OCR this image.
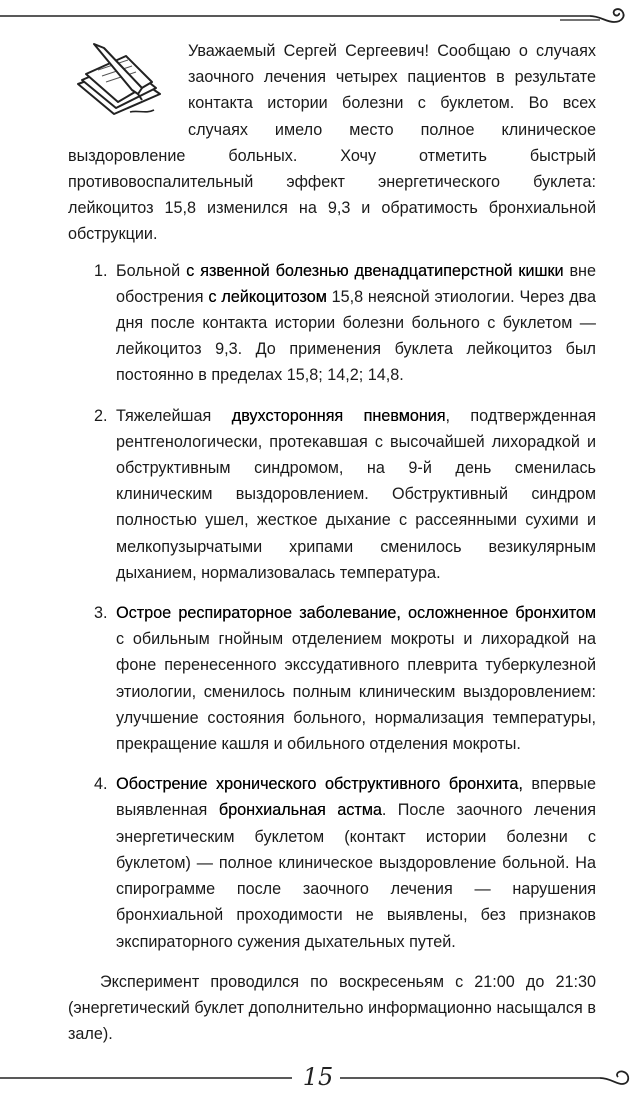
Уважаемый Сергей Сергеевич! Сообщаю о случаях заочного лечения четырех пациентов в результате контакта истории болезни с буклетом. Во всех случаях имело место полное клиническое выздоровление больных. Хочу отметить быстрый противовоспалительный эффект энергетического буклета: лейкоцитоз 15,8 изменился на 9,3 и обратимость бронхиальной обструкции.

1. Больной с язвенной болезнью двенадцатиперстной кишки вне обострения с лейкоцитозом 15,8 неясной этиологии. Через два дня после контакта истории болезни больного с буклетом — лейкоцитоз 9,3. До применения буклета лейкоцитоз был постоянно в пределах 15,8; 14,2; 14,8.
2. Тяжелейшая двухсторонняя пневмония, подтвержденная рентгенологически, протекавшая с высочайшей лихорадкой и обструктивным синдромом, на 9-й день сменилась клиническим выздоровлением. Обструктивный синдром полностью ушел, жесткое дыхание с рассеянными сухими и мелкопузырчатыми хрипами сменилось везикулярным дыханием, нормализовалась температура.
3. Острое респираторное заболевание, осложненное бронхитом с обильным гнойным отделением мокроты и лихорадкой на фоне перенесенного экссудативного плеврита туберкулезной этиологии, сменилось полным клиническим выздоровлением: улучшение состояния больного, нормализация температуры, прекращение кашля и обильного отделения мокроты.
4. Обострение хронического обструктивного бронхита, впервые выявленная бронхиальная астма. После заочного лечения энергетическим буклетом (контакт истории болезни с буклетом) — полное клиническое выздоровление больной. На спирограмме после заочного лечения — нарушения бронхиальной проходимости не выявлены, без признаков экспираторного сужения дыхательных путей.

Эксперимент проводился по воскресеньям с 21:00 до 21:30 (энергетический буклет дополнительно информационно насыщался в зале).

15
